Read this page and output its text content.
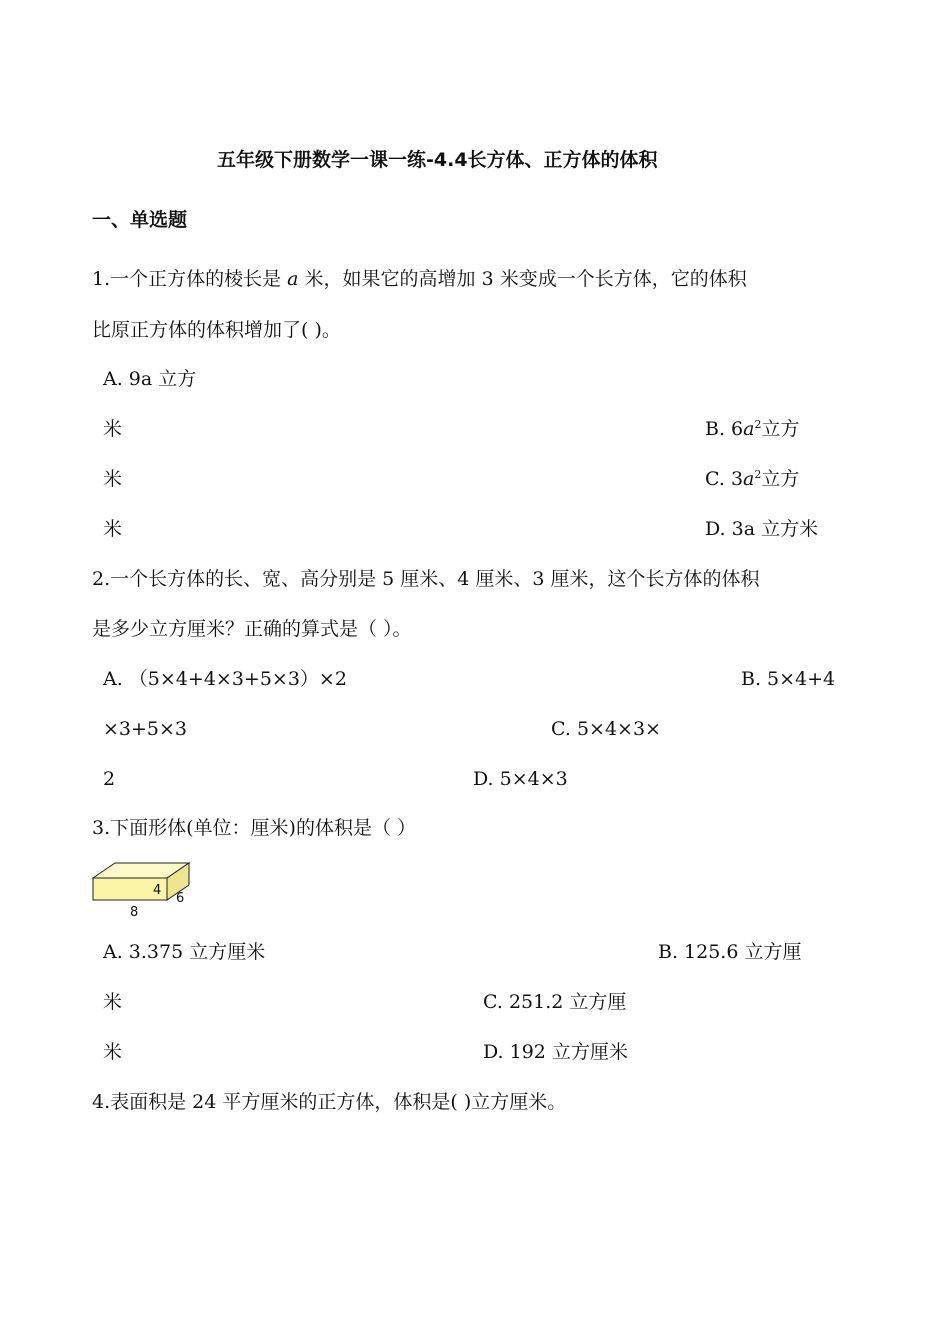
五年级下册数学一课一练-4.4长方体、正方体的体积
一、单选题
1.一个正方体的棱长是 a 米，如果它的高增加 3 米变成一个长方体，它的体积
比原正方体的体积增加了( )。
A. 9a 立方
米	B. $6a^2$立方
米	C. $3a^2$立方
米	D. 3a 立方米
2.一个长方体的长、宽、高分别是 5 厘米、4 厘米、3 厘米，这个长方体的体积
是多少立方厘米？正确的算式是（ ）。
A. （5×4+4×3+5×3）×2	B. 5×4+4
×3+5×3	C. 5×4×3×
2	D. 5×4×3
3.下面形体(单位：厘米)的体积是（ ）
4
6
8
A. 3.375 立方厘米	B. 125.6 立方厘
米	C. 251.2 立方厘
米	D. 192 立方厘米
4.表面积是 24 平方厘米的正方体，体积是( )立方厘米。
